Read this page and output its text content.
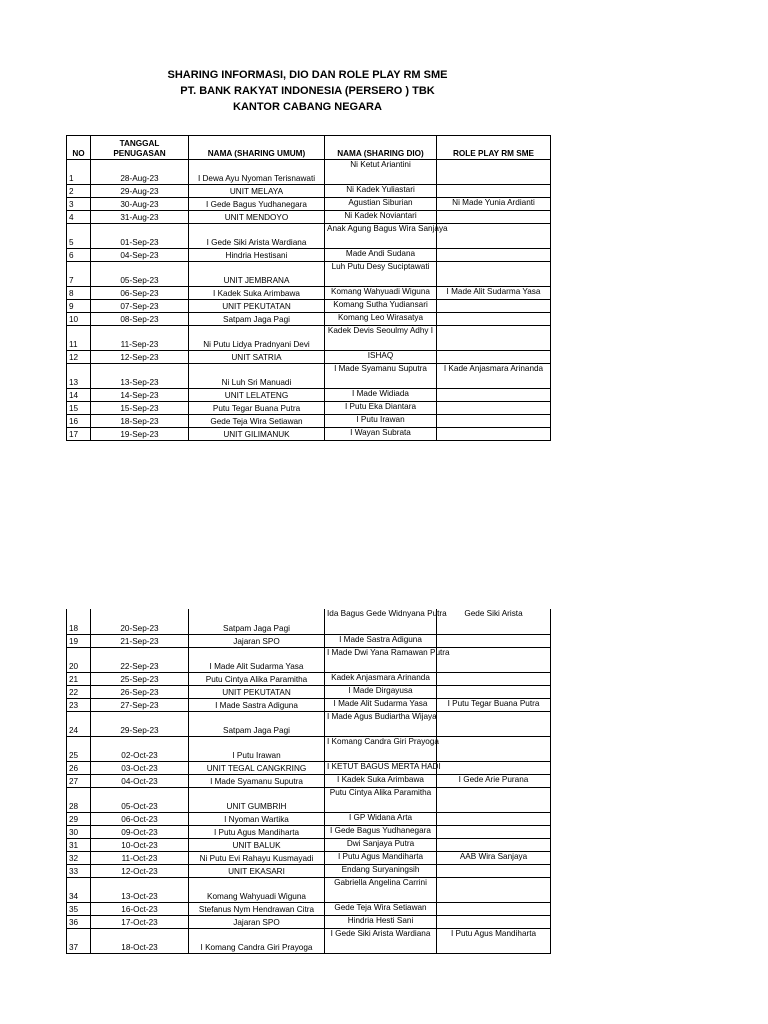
SHARING INFORMASI, DIO DAN ROLE PLAY RM SME
PT. BANK RAKYAT INDONESIA (PERSERO ) TBK
KANTOR CABANG NEGARA
NO	TANGGAL PENUGASAN	NAMA (SHARING UMUM)	NAMA (SHARING DIO)	ROLE PLAY RM SME
1	28-Aug-23	I Dewa Ayu Nyoman Terisnawati	Ni Ketut Ariantini	
2	29-Aug-23	UNIT MELAYA	Ni Kadek Yuliastari	
3	30-Aug-23	I Gede Bagus Yudhanegara	Agustian Siburian	Ni Made Yunia Ardianti
4	31-Aug-23	UNIT MENDOYO	Ni Kadek Noviantari	
5	01-Sep-23	I Gede Siki Arista Wardiana	Anak Agung Bagus Wira Sanjaya	
6	04-Sep-23	Hindria Hestisani	Made Andi Sudana	
7	05-Sep-23	UNIT JEMBRANA	Luh Putu Desy Suciptawati	
8	06-Sep-23	I Kadek Suka Arimbawa	Komang Wahyuadi Wiguna	I Made Alit Sudarma Yasa
9	07-Sep-23	UNIT PEKUTATAN	Komang Sutha Yudiansari	
10	08-Sep-23	Satpam Jaga Pagi	Komang Leo Wirasatya	
11	11-Sep-23	Ni Putu Lidya Pradnyani Devi	Kadek Devis Seoulmy Adhy I	
12	12-Sep-23	UNIT SATRIA	ISHAQ	
13	13-Sep-23	Ni Luh Sri Manuadi	I Made Syamanu Suputra	I Kade Anjasmara Arinanda
14	14-Sep-23	UNIT LELATENG	I Made Widiada	
15	15-Sep-23	Putu Tegar Buana Putra	I Putu Eka Diantara	
16	18-Sep-23	Gede Teja Wira Setiawan	I Putu Irawan	
17	19-Sep-23	UNIT GILIMANUK	I Wayan Subrata	
18	20-Sep-23	Satpam Jaga Pagi	Ida Bagus Gede Widnyana Putra	Gede Siki Arista
19	21-Sep-23	Jajaran SPO	I Made Sastra Adiguna	
20	22-Sep-23	I Made Alit Sudarma Yasa	I Made Dwi Yana Ramawan Putra	
21	25-Sep-23	Putu Cintya Alika Paramitha	Kadek Anjasmara Arinanda	
22	26-Sep-23	UNIT PEKUTATAN	I Made Dirgayusa	
23	27-Sep-23	I Made Sastra Adiguna	I Made Alit Sudarma Yasa	I Putu Tegar Buana Putra
24	29-Sep-23	Satpam Jaga Pagi	I Made Agus Budiartha Wijaya	
25	02-Oct-23	I Putu Irawan	I Komang Candra Giri Prayoga	
26	03-Oct-23	UNIT TEGAL CANGKRING	I KETUT BAGUS MERTA HADI	
27	04-Oct-23	I Made Syamanu Suputra	I Kadek Suka Arimbawa	I Gede Arie Purana
28	05-Oct-23	UNIT GUMBRIH	Putu Cintya Alika Paramitha	
29	06-Oct-23	I Nyoman Wartika	I GP Widana Arta	
30	09-Oct-23	I Putu Agus Mandiharta	I Gede Bagus Yudhanegara	
31	10-Oct-23	UNIT BALUK	Dwi Sanjaya Putra	
32	11-Oct-23	Ni Putu Evi Rahayu Kusmayadi	I Putu Agus Mandiharta	AAB Wira Sanjaya
33	12-Oct-23	UNIT EKASARI	Endang Suryaningsih	
34	13-Oct-23	Komang Wahyuadi Wiguna	Gabriella Angelina Carrini	
35	16-Oct-23	Stefanus Nym Hendrawan Citra	Gede Teja Wira Setiawan	
36	17-Oct-23	Jajaran SPO	Hindria Hesti Sani	
37	18-Oct-23	I Komang Candra Giri Prayoga	I Gede Siki Arista Wardiana	I Putu Agus Mandiharta
